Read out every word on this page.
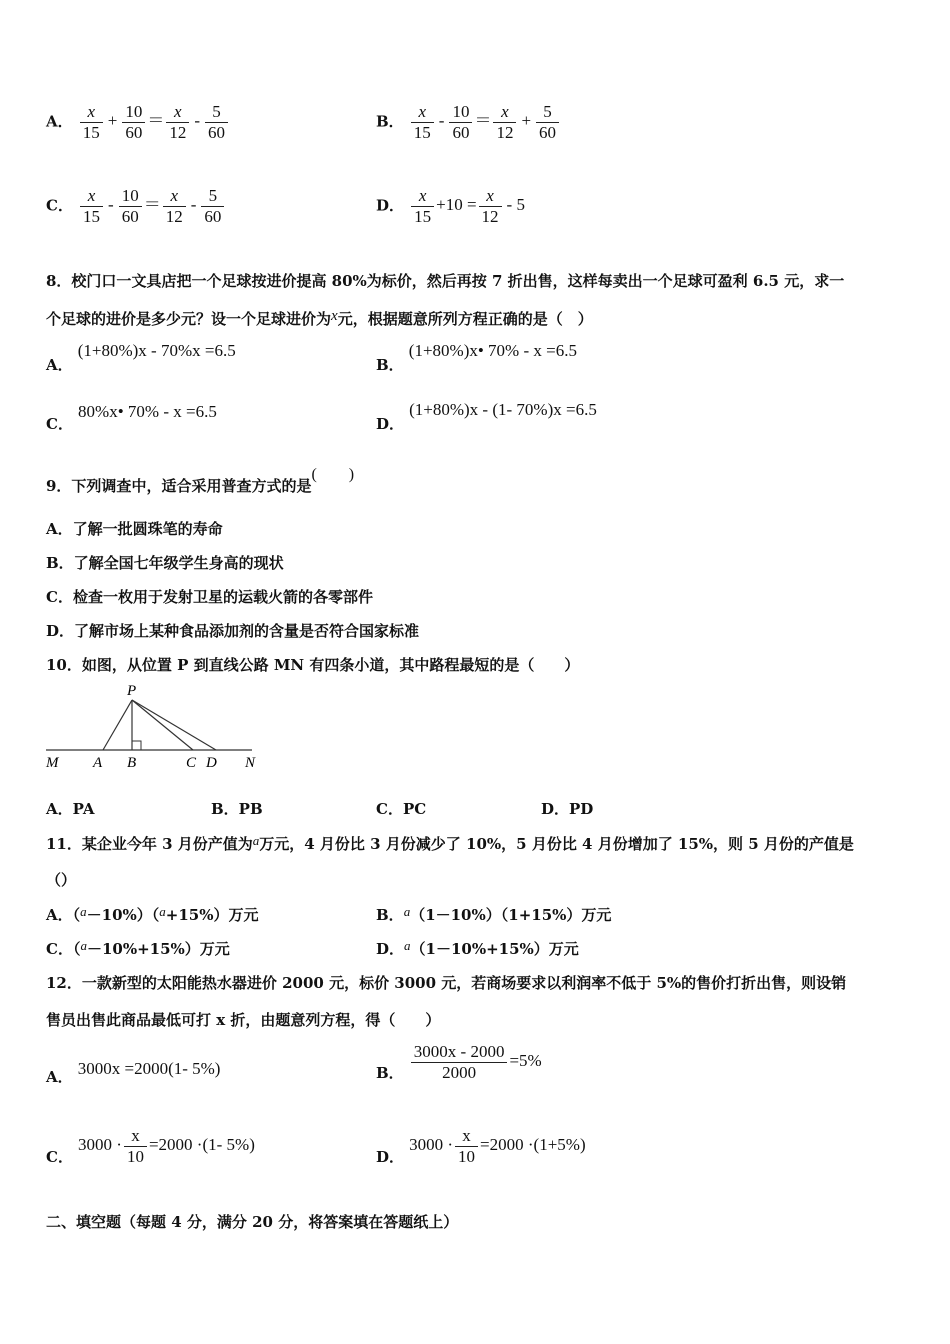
A． $\frac{x}{15} + \frac{10}{60} = \frac{x}{12} - \frac{5}{60}$	B． $\frac{x}{15} - \frac{10}{60} = \frac{x}{12} + \frac{5}{60}$
C． $\frac{x}{15} - \frac{10}{60} = \frac{x}{12} - \frac{5}{60}$	D． $\frac{x}{15} +10 = \frac{x}{12} - 5$
8．校门口一文具店把一个足球按进价提高 80%为标价，然后再按 7 折出售，这样每卖出一个足球可盈利 6.5 元，求一
个足球的进价是多少元？设一个足球进价为x元，根据题意所列方程正确的是（　）
A． (1+80%)x - 70%x =6.5
B． (1+80%)x• 70% - x =6.5
C． 80%x• 70% - x =6.5
D． (1+80%)x - (1- 70%)x =6.5
9．下列调查中，适合采用普查方式的是(　　)
A．了解一批圆珠笔的寿命
B．了解全国七年级学生身高的现状
C．检查一枚用于发射卫星的运载火箭的各零部件
D．了解市场上某种食品添加剂的含量是否符合国家标准
10．如图，从位置 P 到直线公路 MN 有四条小道，其中路程最短的是（　　）
P
M A B	C D N
A．PA	B．PB	C．PC	D．PD
11．某企业今年 3 月份产值为a万元，4 月份比 3 月份减少了 10%，5 月份比 4 月份增加了 15%，则 5 月份的产值是
（）
A．（a－10%）（a+15%）万元	B．a（1－10%）（1+15%）万元
C．（a－10%+15%）万元	D．a（1－10%+15%）万元
12．一款新型的太阳能热水器进价 2000 元，标价 3000 元，若商场要求以利润率不低于 5%的售价打折出售，则设销
售员出售此商品最低可打 x 折，由题意列方程，得（　　）
A． 3000x =2000(1- 5%)	B． $\frac{3000x - 2000}{2000} =5\%$
C． $3000 \cdot \frac{x}{10} =2000 \cdot(1-$ 5%)
D． $3000 \cdot \frac{x}{10} =2000 \cdot(1+5\%)$
二、填空题（每题 4 分，满分 20 分，将答案填在答题纸上）
